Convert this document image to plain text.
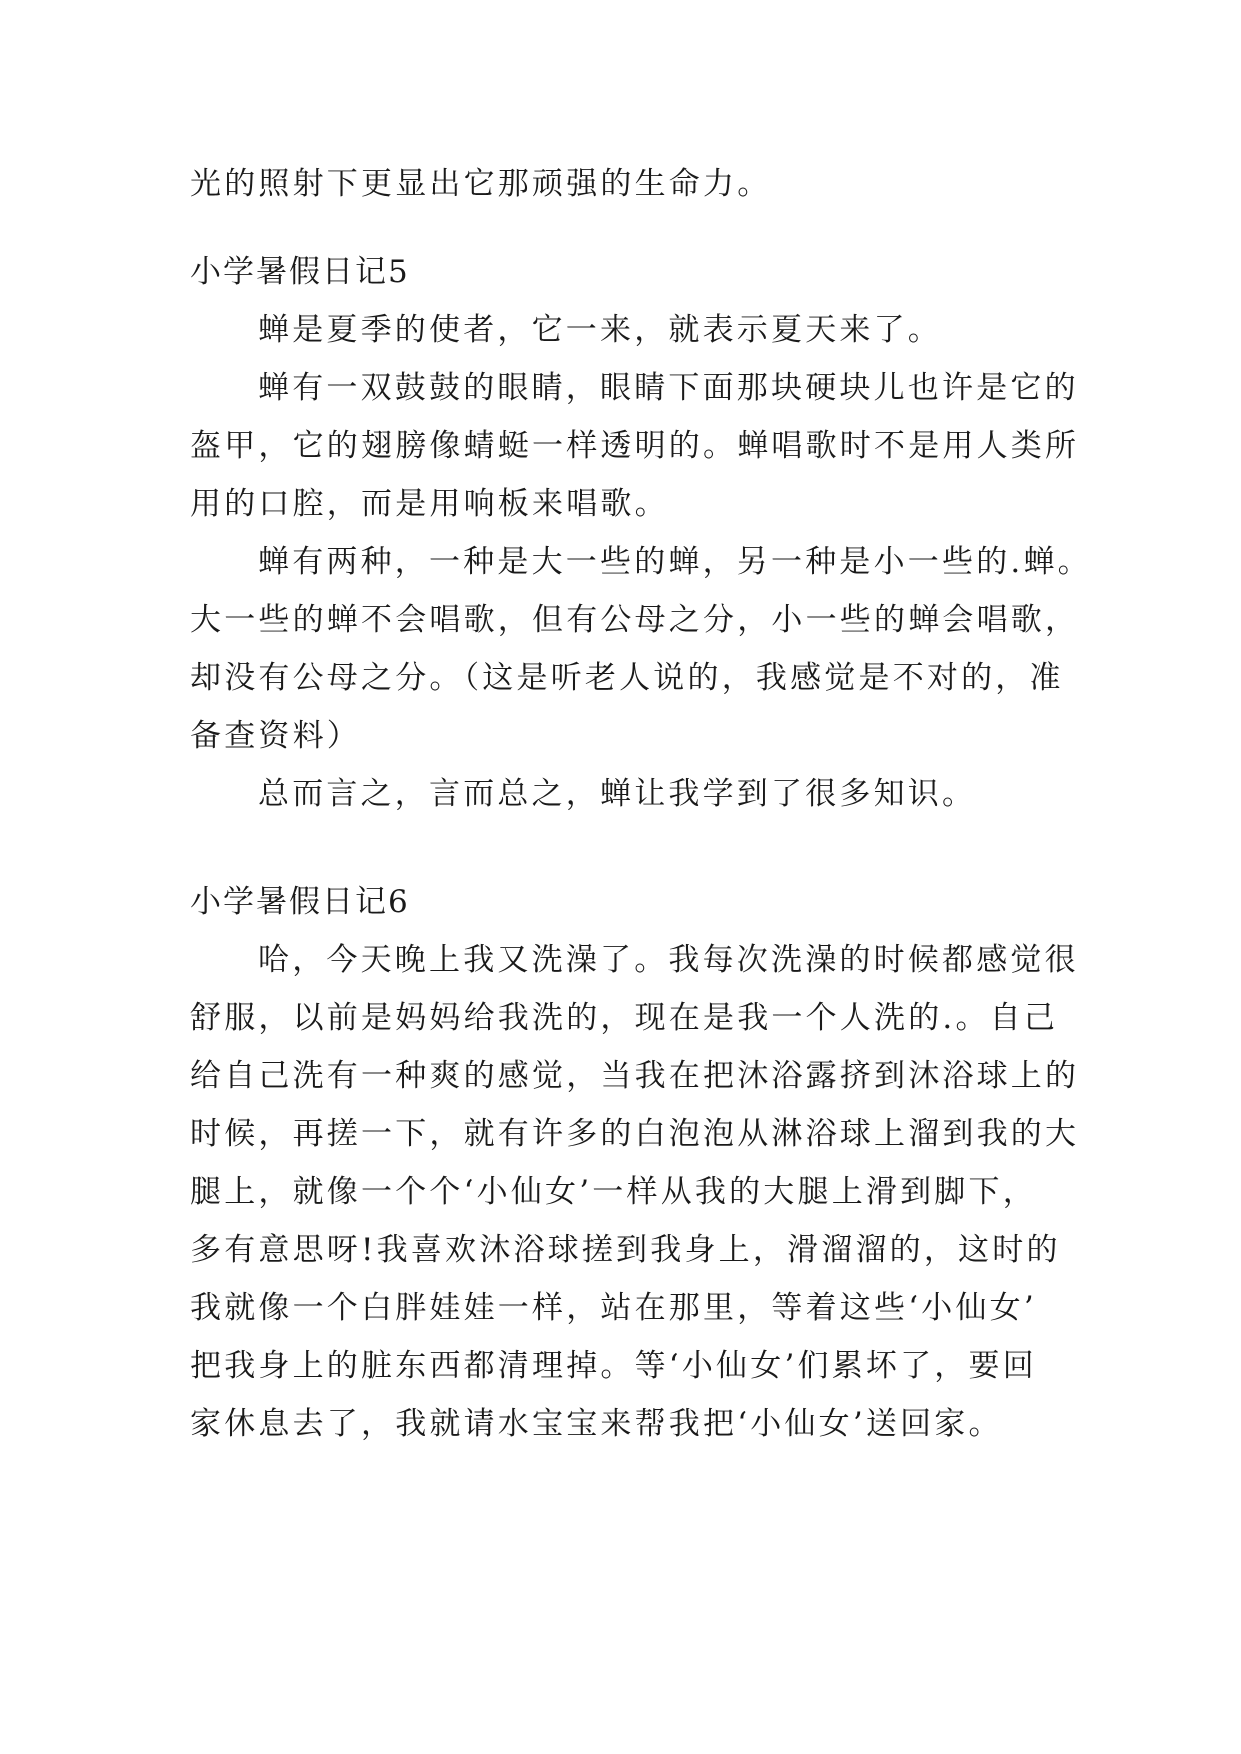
光的照射下更显出它那顽强的生命力。
小学暑假日记5
蝉是夏季的使者，它一来，就表示夏天来了。
蝉有一双鼓鼓的眼睛，眼睛下面那块硬块儿也许是它的
盔甲，它的翅膀像蜻蜓一样透明的。蝉唱歌时不是用人类所
用的口腔，而是用响板来唱歌。
蝉有两种，一种是大一些的蝉，另一种是小一些的.蝉。
大一些的蝉不会唱歌，但有公母之分，小一些的蝉会唱歌，
却没有公母之分。（这是听老人说的，我感觉是不对的，准
备查资料）
总而言之，言而总之，蝉让我学到了很多知识。
小学暑假日记6
哈，今天晚上我又洗澡了。我每次洗澡的时候都感觉很
舒服，以前是妈妈给我洗的，现在是我一个人洗的.。自己
给自己洗有一种爽的感觉，当我在把沐浴露挤到沐浴球上的
时候，再搓一下，就有许多的白泡泡从淋浴球上溜到我的大
腿上，就像一个个‘小仙女’一样从我的大腿上滑到脚下，
多有意思呀!我喜欢沐浴球搓到我身上，滑溜溜的，这时的
我就像一个白胖娃娃一样，站在那里，等着这些‘小仙女’
把我身上的脏东西都清理掉。等‘小仙女’们累坏了，要回
家休息去了，我就请水宝宝来帮我把‘小仙女’送回家。
